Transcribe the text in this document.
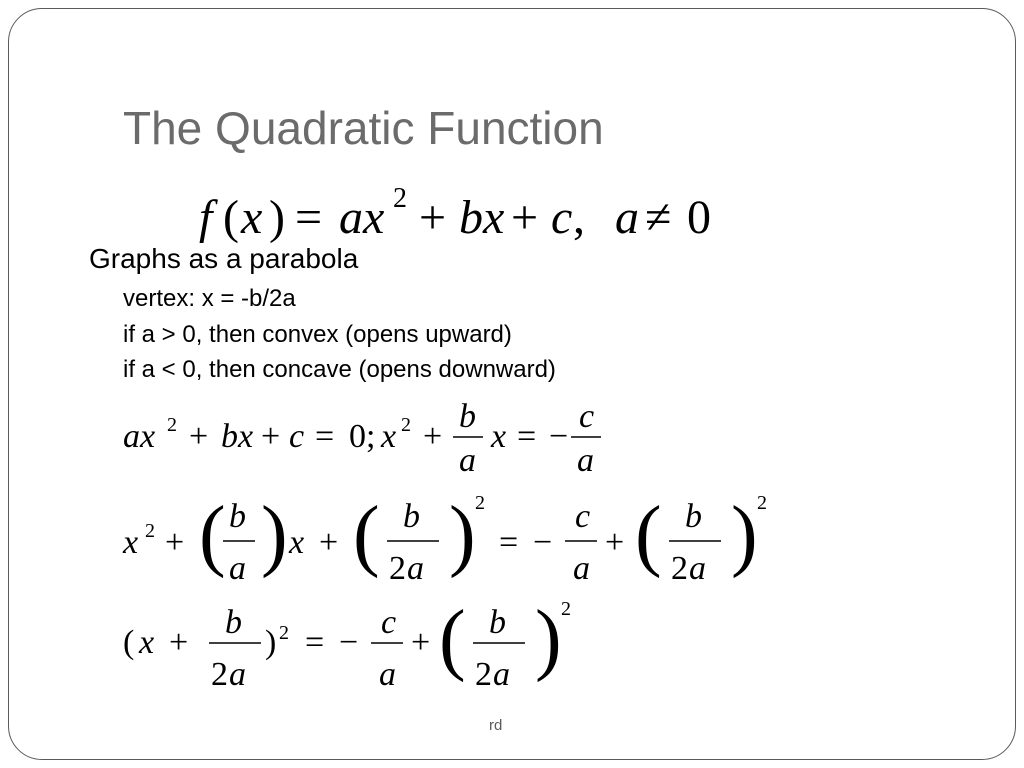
The Quadratic Function
f ( x ) = ax 2 + bx + c , a ≠ 0
Graphs as a parabola
vertex: x = -b/2a
if a > 0, then convex (opens upward)
if a < 0, then concave (opens downward)
ax 2 + bx + c = 0; x 2 +
b
a
x = −
c
a
x 2 + ( b
a ) x + ( b
2 a ) 2
= −
c
a
+ ( b
2 a ) 2
( x +
b
2 a
) 2 = −
c
a
+ ( b
2 a ) 2
rd
